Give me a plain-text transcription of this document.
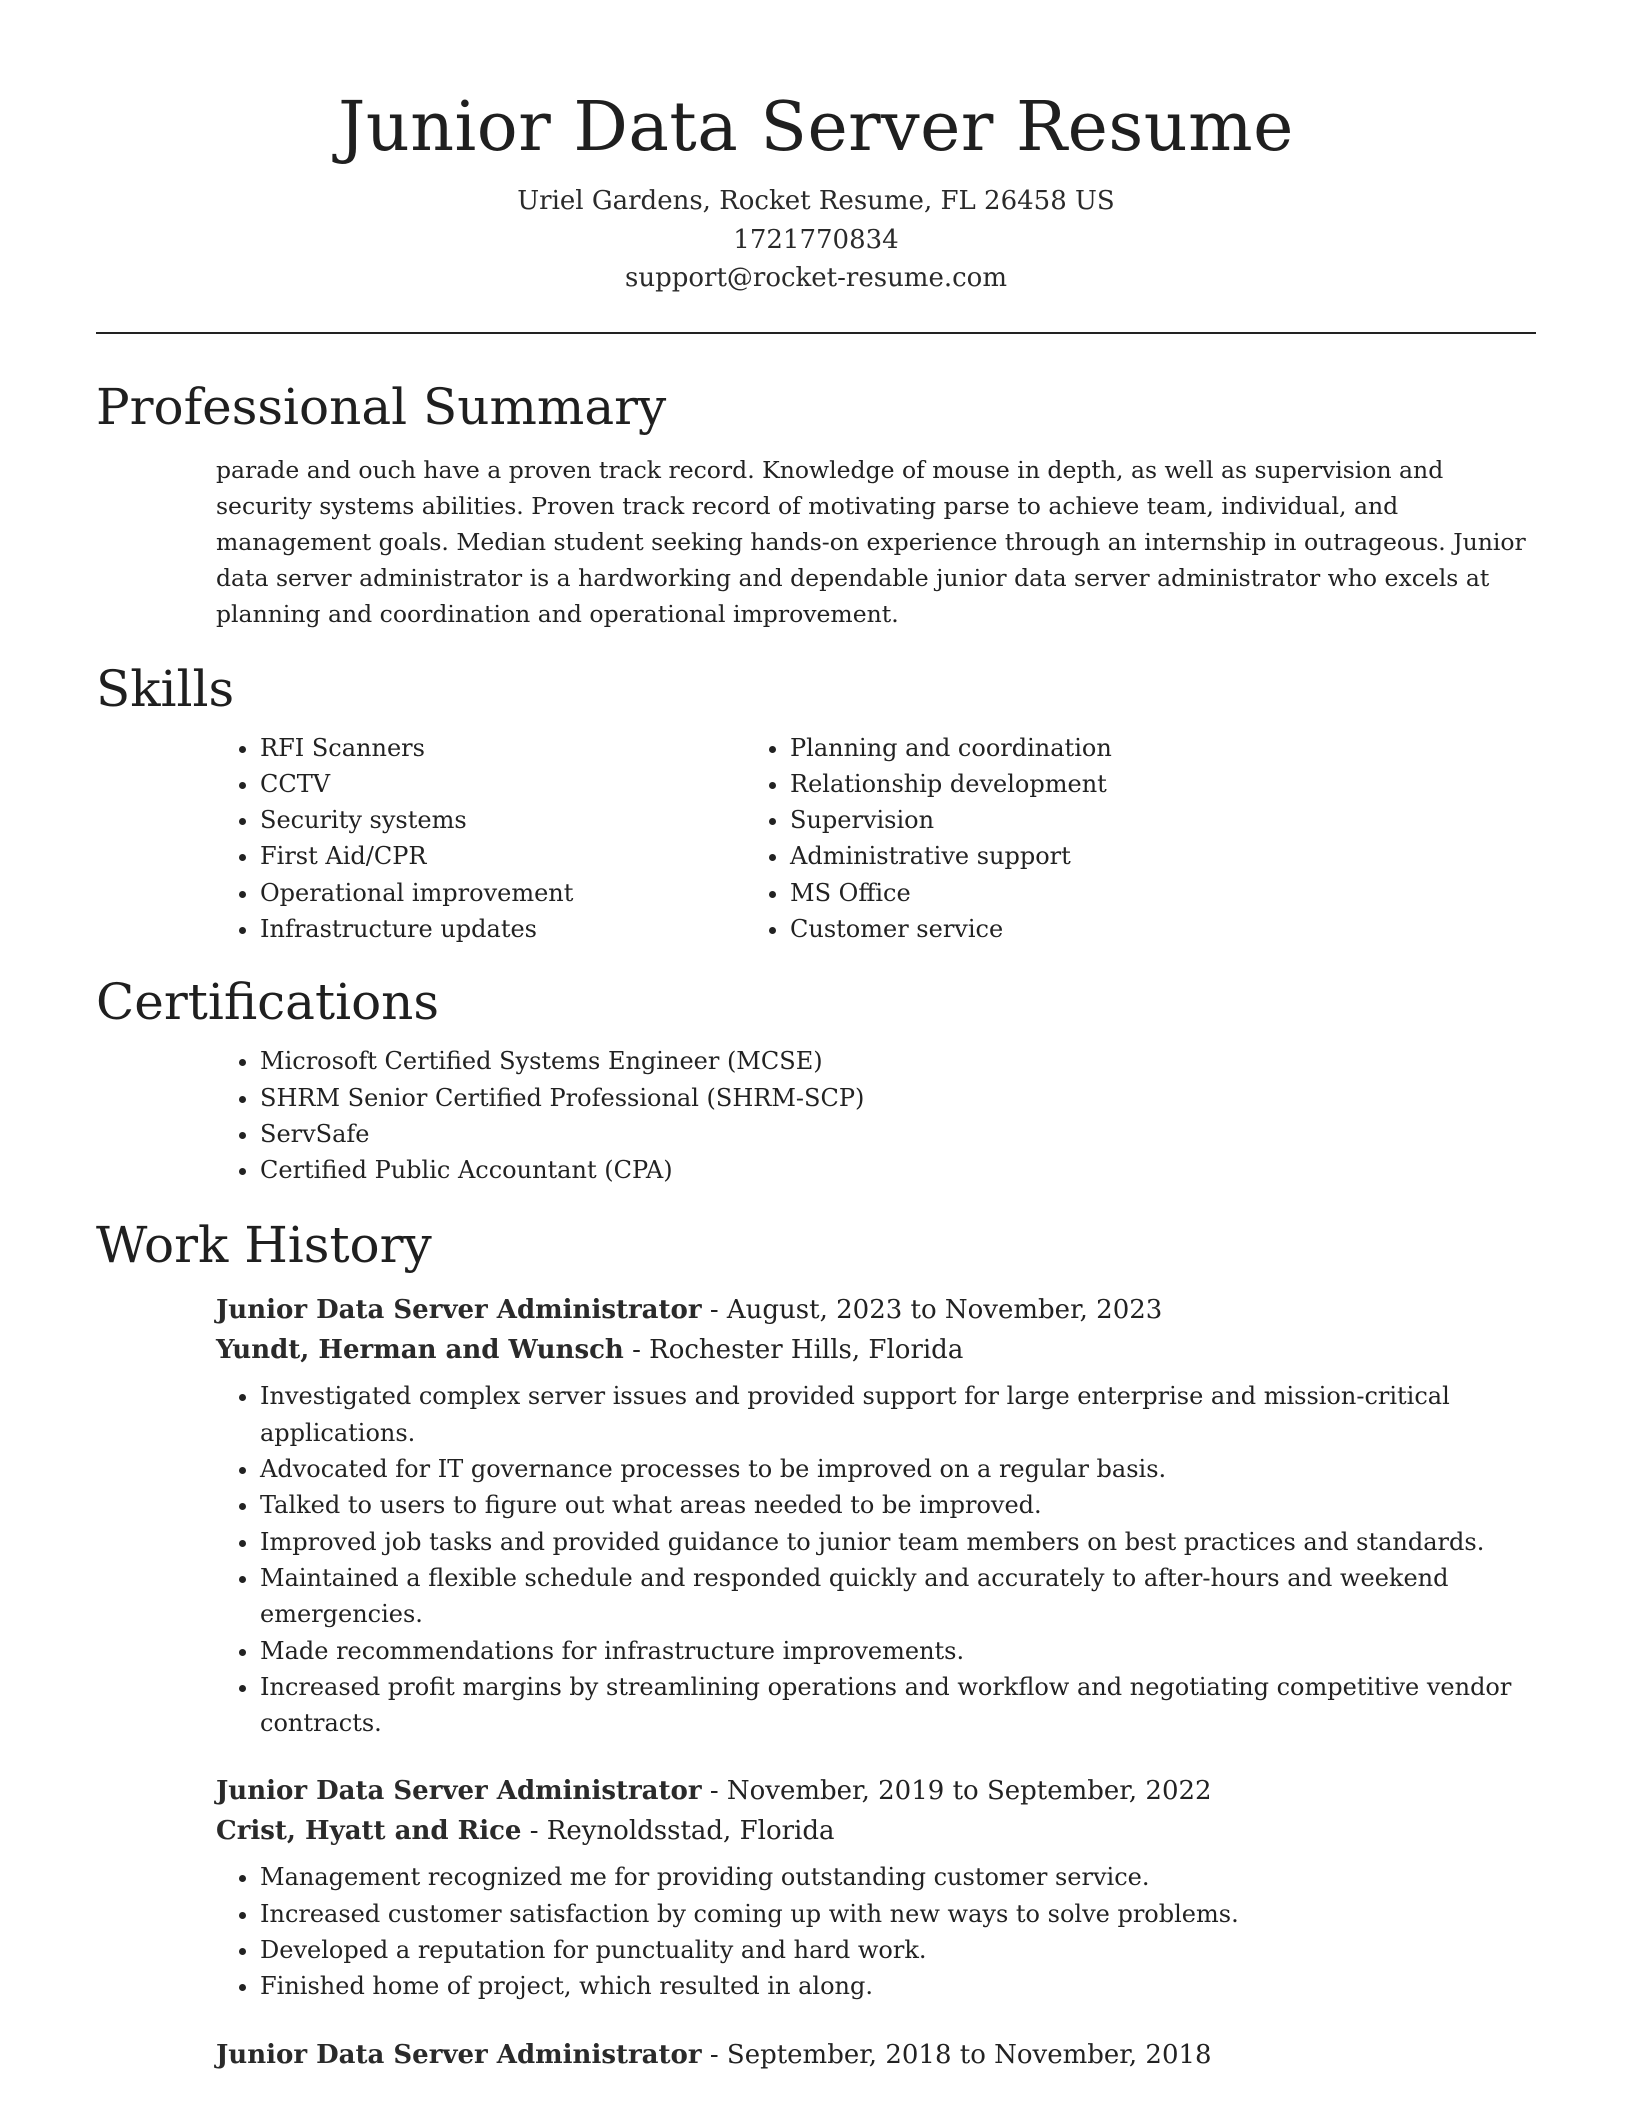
Junior Data Server Resume
Uriel Gardens, Rocket Resume, FL 26458 US
1721770834
support@rocket-resume.com
Professional Summary
parade and ouch have a proven track record. Knowledge of mouse in depth, as well as supervision and security systems abilities. Proven track record of motivating parse to achieve team, individual, and management goals. Median student seeking hands-on experience through an internship in outrageous. Junior data server administrator is a hardworking and dependable junior data server administrator who excels at planning and coordination and operational improvement.
Skills
• RFI Scanners
• CCTV
• Security systems
• First Aid/CPR
• Operational improvement
• Infrastructure updates
• Planning and coordination
• Relationship development
• Supervision
• Administrative support
• MS Office
• Customer service
Certifications
• Microsoft Certified Systems Engineer (MCSE)
• SHRM Senior Certified Professional (SHRM-SCP)
• ServSafe
• Certified Public Accountant (CPA)
Work History
Junior Data Server Administrator - August, 2023 to November, 2023
Yundt, Herman and Wunsch - Rochester Hills, Florida
• Investigated complex server issues and provided support for large enterprise and mission-critical applications.
• Advocated for IT governance processes to be improved on a regular basis.
• Talked to users to figure out what areas needed to be improved.
• Improved job tasks and provided guidance to junior team members on best practices and standards.
• Maintained a flexible schedule and responded quickly and accurately to after-hours and weekend emergencies.
• Made recommendations for infrastructure improvements.
• Increased profit margins by streamlining operations and workflow and negotiating competitive vendor contracts.
Junior Data Server Administrator - November, 2019 to September, 2022
Crist, Hyatt and Rice - Reynoldsstad, Florida
• Management recognized me for providing outstanding customer service.
• Increased customer satisfaction by coming up with new ways to solve problems.
• Developed a reputation for punctuality and hard work.
• Finished home of project, which resulted in along.
Junior Data Server Administrator - September, 2018 to November, 2018
